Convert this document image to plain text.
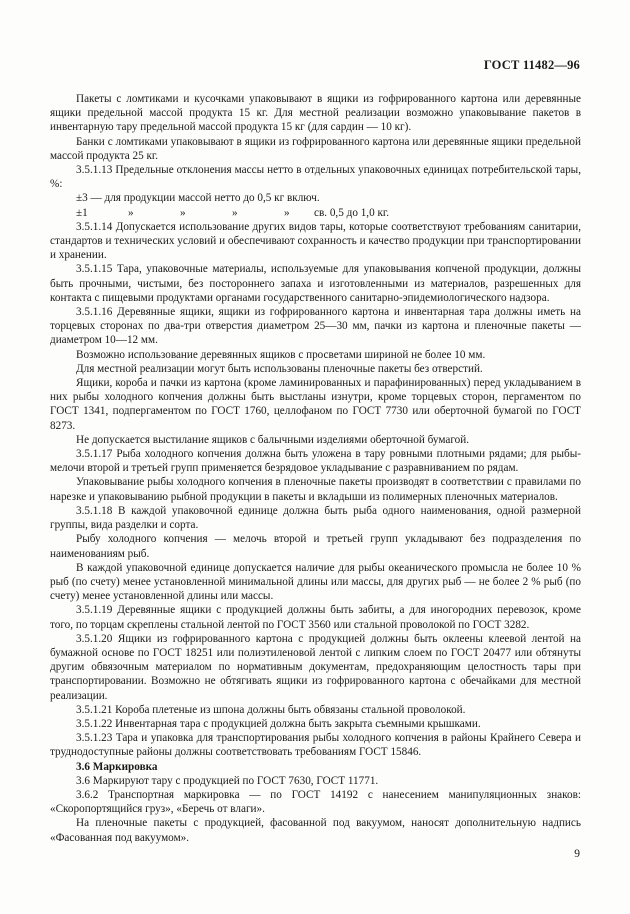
ГОСТ 11482—96

Пакеты с ломтиками и кусочками упаковывают в ящики из гофрированного картона или деревянные ящики предельной массой продукта 15 кг. Для местной реализации возможно упаковывание пакетов в инвентарную тару предельной массой продукта 15 кг (для сардин — 10 кг).

Банки с ломтиками упаковывают в ящики из гофрированного картона или деревянные ящики предельной массой продукта 25 кг.

3.5.1.13 Предельные отклонения массы нетто в отдельных упаковочных единицах потребительской тары, %:

±3 — для продукции массой нетто до 0,5 кг включ.
±1	»	»	»	»	св. 0,5 до 1,0 кг.

3.5.1.14 Допускается использование других видов тары, которые соответствуют требованиям санитарии, стандартов и технических условий и обеспечивают сохранность и качество продукции при транспортировании и хранении.

3.5.1.15 Тара, упаковочные материалы, используемые для упаковывания копченой продукции, должны быть прочными, чистыми, без постороннего запаха и изготовленными из материалов, разрешенных для контакта с пищевыми продуктами органами государственного санитарно-эпидемиологического надзора.

3.5.1.16 Деревянные ящики, ящики из гофрированного картона и инвентарная тара должны иметь на торцевых сторонах по два-три отверстия диаметром 25—30 мм, пачки из картона и пленочные пакеты — диаметром 10—12 мм.

Возможно использование деревянных ящиков с просветами шириной не более 10 мм.

Для местной реализации могут быть использованы пленочные пакеты без отверстий.

Ящики, короба и пачки из картона (кроме ламинированных и парафинированных) перед укладыванием в них рыбы холодного копчения должны быть выстланы изнутри, кроме торцевых сторон, пергаментом по ГОСТ 1341, подпергаментом по ГОСТ 1760, целлофаном по ГОСТ 7730 или оберточной бумагой по ГОСТ 8273.

Не допускается выстилание ящиков с балычными изделиями оберточной бумагой.

3.5.1.17 Рыба холодного копчения должна быть уложена в тару ровными плотными рядами; для рыбы-мелочи второй и третьей групп применяется безрядовое укладывание с разравниванием по рядам.

Упаковывание рыбы холодного копчения в пленочные пакеты производят в соответствии с правилами по нарезке и упаковыванию рыбной продукции в пакеты и вкладыши из полимерных пленочных материалов.

3.5.1.18 В каждой упаковочной единице должна быть рыба одного наименования, одной размерной группы, вида разделки и сорта.

Рыбу холодного копчения — мелочь второй и третьей групп укладывают без подразделения по наименованиям рыб.

В каждой упаковочной единице допускается наличие для рыбы океанического промысла не более 10 % рыб (по счету) менее установленной минимальной длины или массы, для других рыб — не более 2 % рыб (по счету) менее установленной длины или массы.

3.5.1.19 Деревянные ящики с продукцией должны быть забиты, а для иногородних перевозок, кроме того, по торцам скреплены стальной лентой по ГОСТ 3560 или стальной проволокой по ГОСТ 3282.

3.5.1.20 Ящики из гофрированного картона с продукцией должны быть оклеены клеевой лентой на бумажной основе по ГОСТ 18251 или полиэтиленовой лентой с липким слоем по ГОСТ 20477 или обтянуты другим обвязочным материалом по нормативным документам, предохраняющим целостность тары при транспортировании. Возможно не обтягивать ящики из гофрированного картона с обечайками для местной реализации.

3.5.1.21 Короба плетеные из шпона должны быть обвязаны стальной проволокой.

3.5.1.22 Инвентарная тара с продукцией должна быть закрыта съемными крышками.

3.5.1.23 Тара и упаковка для транспортирования рыбы холодного копчения в районы Крайнего Севера и труднодоступные районы должны соответствовать требованиям ГОСТ 15846.

3.6 Маркировка

3.6 Маркируют тару с продукцией по ГОСТ 7630, ГОСТ 11771.

3.6.2 Транспортная маркировка — по ГОСТ 14192 с нанесением манипуляционных знаков: «Скоропортящийся груз», «Беречь от влаги».

На пленочные пакеты с продукцией, фасованной под вакуумом, наносят дополнительную надпись «Фасованная под вакуумом».

9
